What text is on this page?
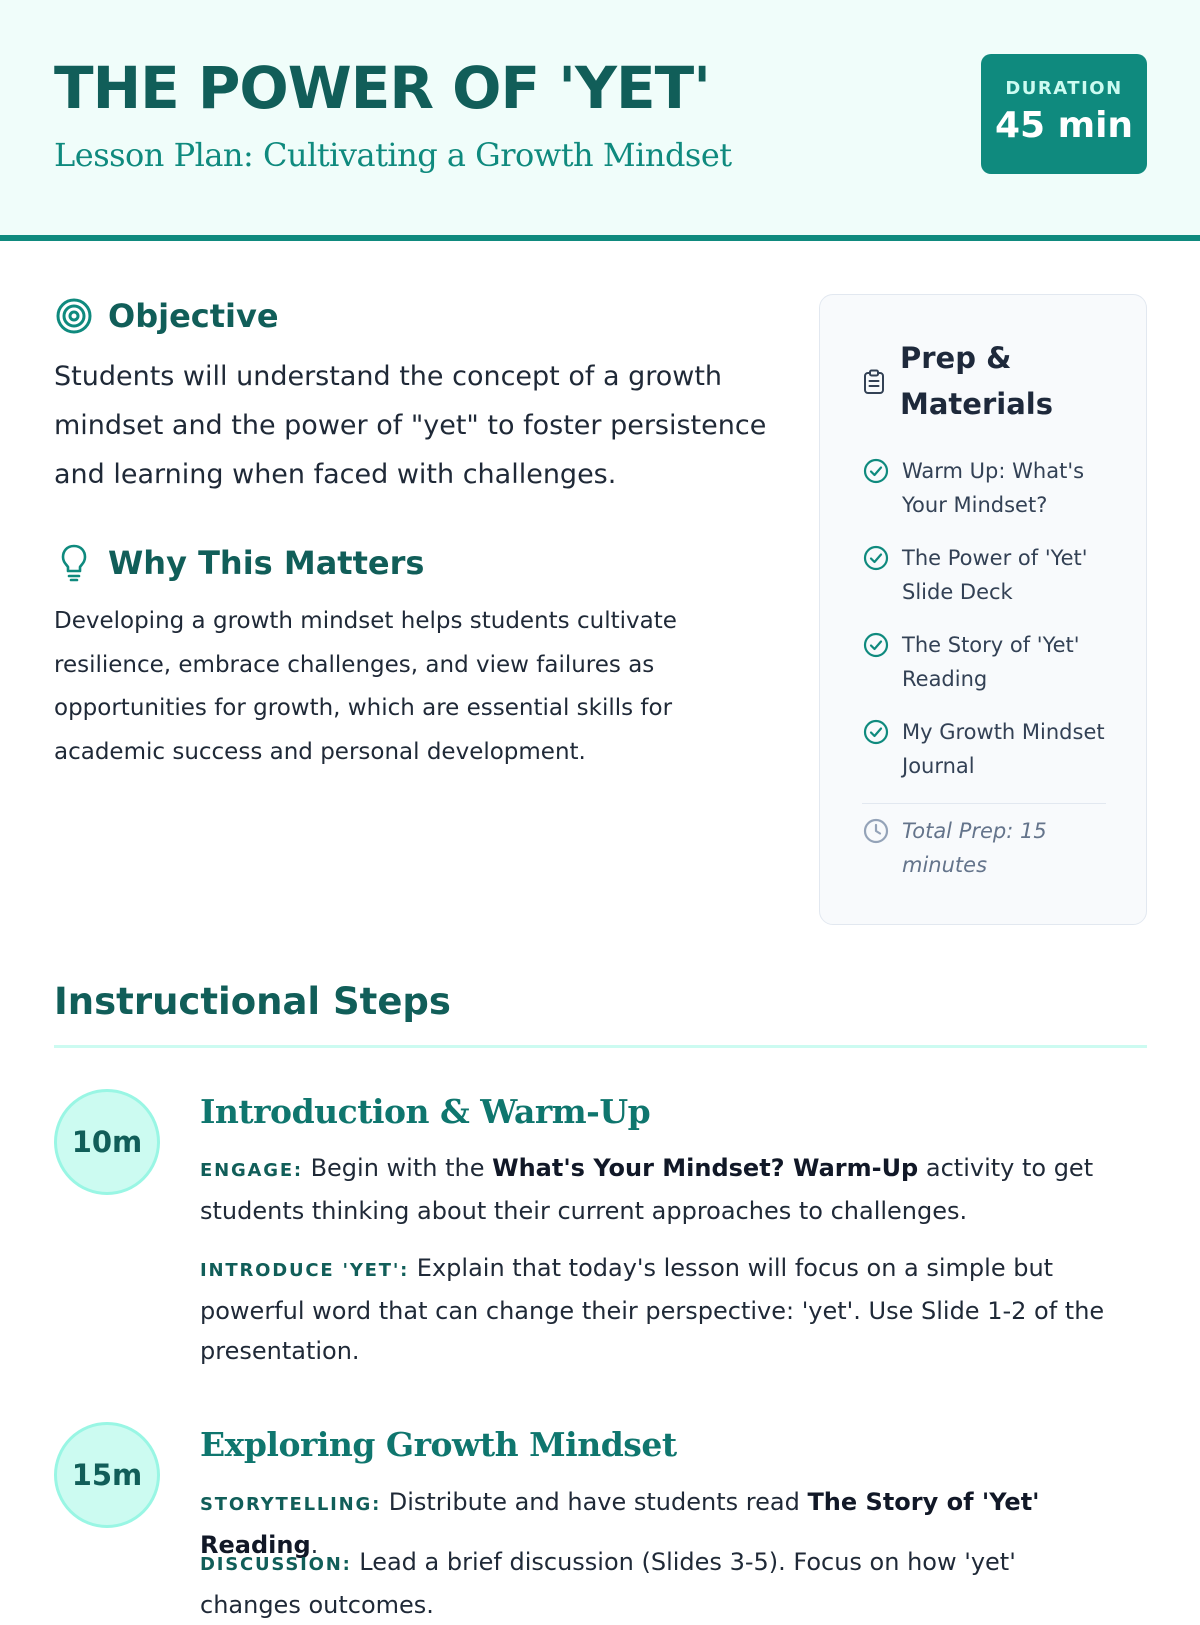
THE POWER OF 'YET'
Lesson Plan: Cultivating a Growth Mindset
DURATION
45 min
Objective

Students will understand the concept of a growth mindset and the power of "yet" to foster persistence and learning when faced with challenges.

Why This Matters

Developing a growth mindset helps students cultivate resilience, embrace challenges, and view failures as opportunities for growth, which are essential skills for academic success and personal development.

Prep & Materials
Warm Up: What's Your Mindset?
The Power of 'Yet' Slide Deck
The Story of 'Yet' Reading
My Growth Mindset Journal
Total Prep: 15 minutes
Instructional Steps
10m
Introduction & Warm-Up

ENGAGE: Begin with the What's Your Mindset? Warm-Up activity to get students thinking about their current approaches to challenges.

INTRODUCE 'YET': Explain that today's lesson will focus on a simple but powerful word that can change their perspective: 'yet'. Use Slide 1-2 of the presentation.

15m
Exploring Growth Mindset

STORYTELLING: Distribute and have students read The Story of 'Yet' Reading.

DISCUSSION: Lead a brief discussion (Slides 3-5). Focus on how 'yet' changes outcomes.
